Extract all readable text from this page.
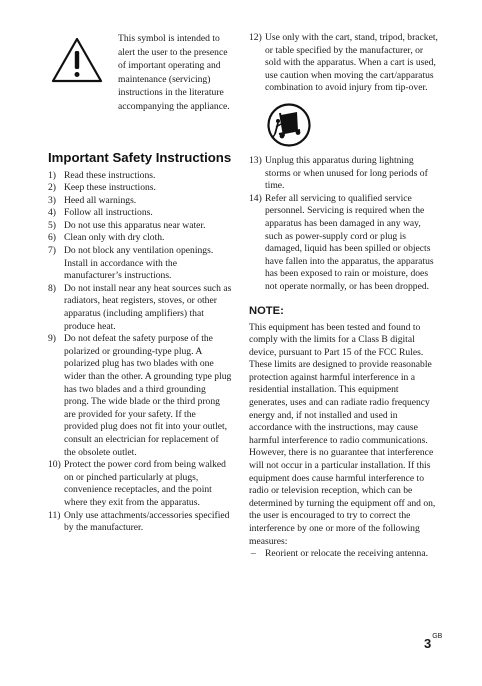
This symbol is intended to alert the user to the presence of important operating and maintenance (servicing) instructions in the literature accompanying the appliance.
Important Safety Instructions
1) Read these instructions.
2) Keep these instructions.
3) Heed all warnings.
4) Follow all instructions.
5) Do not use this apparatus near water.
6) Clean only with dry cloth.
7) Do not block any ventilation openings. Install in accordance with the manufacturer’s instructions.
8) Do not install near any heat sources such as radiators, heat registers, stoves, or other apparatus (including amplifiers) that produce heat.
9) Do not defeat the safety purpose of the polarized or grounding-type plug. A polarized plug has two blades with one wider than the other. A grounding type plug has two blades and a third grounding prong. The wide blade or the third prong are provided for your safety. If the provided plug does not fit into your outlet, consult an electrician for replacement of the obsolete outlet.
10) Protect the power cord from being walked on or pinched particularly at plugs, convenience receptacles, and the point where they exit from the apparatus.
11) Only use attachments/accessories specified by the manufacturer.
12) Use only with the cart, stand, tripod, bracket, or table specified by the manufacturer, or sold with the apparatus. When a cart is used, use caution when moving the cart/apparatus combination to avoid injury from tip-over.
13) Unplug this apparatus during lightning storms or when unused for long periods of time.
14) Refer all servicing to qualified service personnel. Servicing is required when the apparatus has been damaged in any way, such as power-supply cord or plug is damaged, liquid has been spilled or objects have fallen into the apparatus, the apparatus has been exposed to rain or moisture, does not operate normally, or has been dropped.
NOTE:

This equipment has been tested and found to comply with the limits for a Class B digital device, pursuant to Part 15 of the FCC Rules. These limits are designed to provide reasonable protection against harmful interference in a residential installation. This equipment generates, uses and can radiate radio frequency energy and, if not installed and used in accordance with the instructions, may cause harmful interference to radio communications. However, there is no guarantee that interference will not occur in a particular installation. If this equipment does cause harmful interference to radio or television reception, which can be determined by turning the equipment off and on, the user is encouraged to try to correct the interference by one or more of the following measures:

– Reorient or relocate the receiving antenna.
$3^{GB}$
